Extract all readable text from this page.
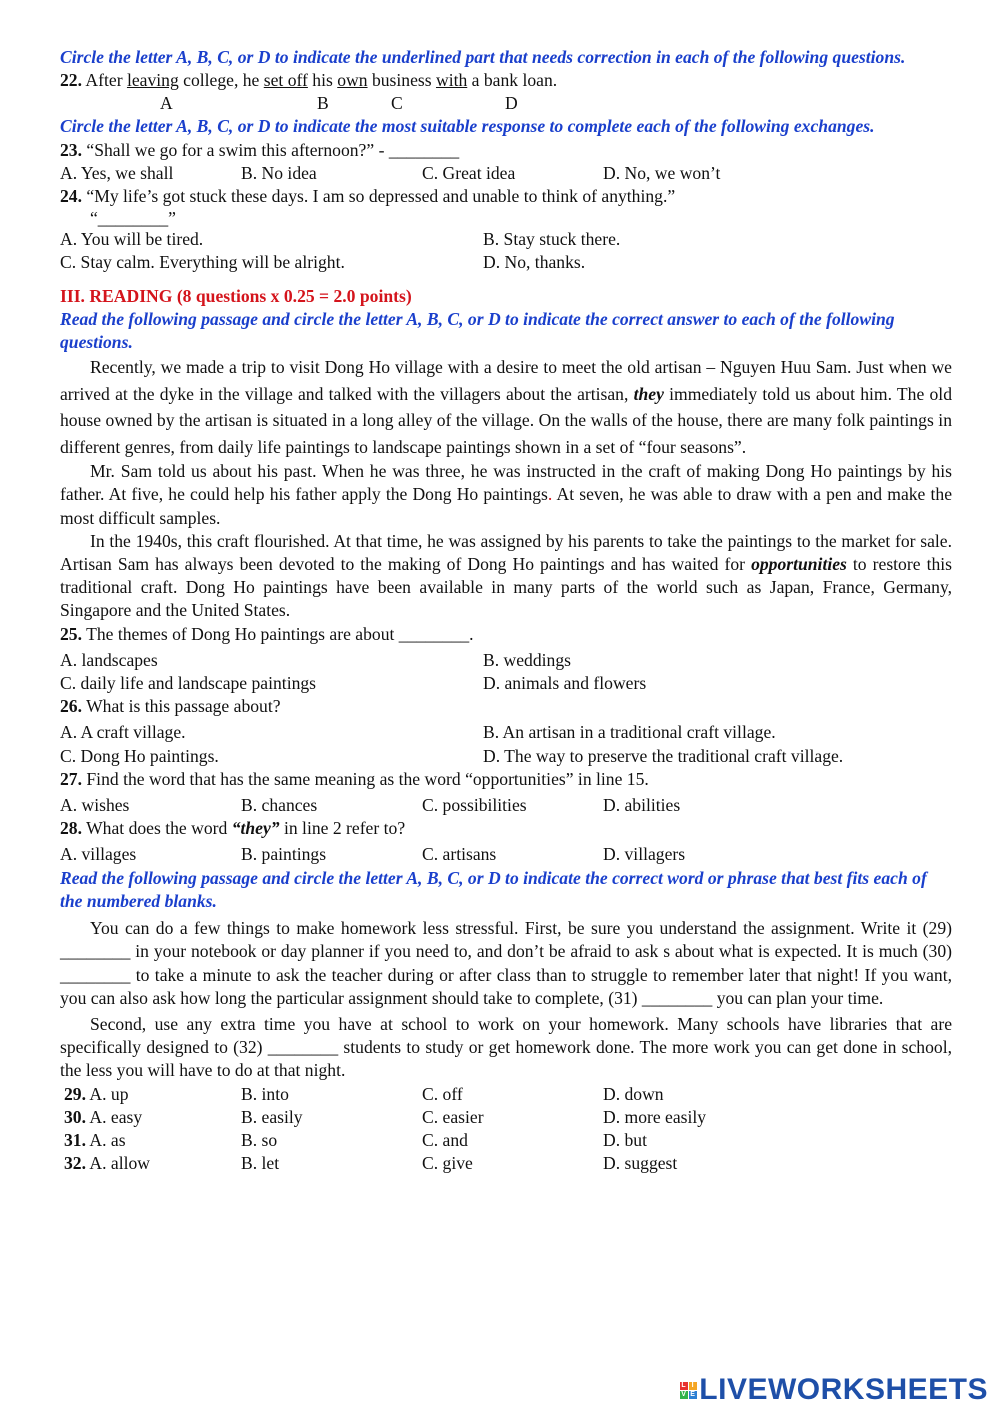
Circle the letter A, B, C, or D to indicate the underlined part that needs correction in each of the following questions.
22. After leaving college, he set off his own business with a bank loan.
A	B	C	D
Circle the letter A, B, C, or D to indicate the most suitable response to complete each of the following exchanges.
23. “Shall we go for a swim this afternoon?” - ________
A. Yes, we shall	B. No idea	C. Great idea	D. No, we won’t
24. “My life’s got stuck these days. I am so depressed and unable to think of anything.”
“________”
A. You will be tired.	B. Stay stuck there.
C. Stay calm. Everything will be alright.	D. No, thanks.
III. READING (8 questions x 0.25 = 2.0 points)
Read the following passage and circle the letter A, B, C, or D to indicate the correct answer to each of the following questions.
Recently, we made a trip to visit Dong Ho village with a desire to meet the old artisan – Nguyen Huu Sam. Just when we arrived at the dyke in the village and talked with the villagers about the artisan, they immediately told us about him. The old house owned by the artisan is situated in a long alley of the village. On the walls of the house, there are many folk paintings in different genres, from daily life paintings to landscape paintings shown in a set of “four seasons”.
Mr. Sam told us about his past. When he was three, he was instructed in the craft of making Dong Ho paintings by his father. At five, he could help his father apply the Dong Ho paintings. At seven, he was able to draw with a pen and make the most difficult samples.
In the 1940s, this craft flourished. At that time, he was assigned by his parents to take the paintings to the market for sale. Artisan Sam has always been devoted to the making of Dong Ho paintings and has waited for opportunities to restore this traditional craft. Dong Ho paintings have been available in many parts of the world such as Japan, France, Germany, Singapore and the United States.
25. The themes of Dong Ho paintings are about ________.
A. landscapes	B. weddings
C. daily life and landscape paintings	D. animals and flowers
26. What is this passage about?
A. A craft village.	B. An artisan in a traditional craft village.
C. Dong Ho paintings.	D. The way to preserve the traditional craft village.
27. Find the word that has the same meaning as the word “opportunities” in line 15.
A. wishes	B. chances	C. possibilities	D. abilities
28. What does the word “they” in line 2 refer to?
A. villages	B. paintings	C. artisans	D. villagers
Read the following passage and circle the letter A, B, C, or D to indicate the correct word or phrase that best fits each of the numbered blanks.
You can do a few things to make homework less stressful. First, be sure you understand the assignment. Write it (29) ________ in your notebook or day planner if you need to, and don’t be afraid to ask s about what is expected. It is much (30) ________ to take a minute to ask the teacher during or after class than to struggle to remember later that night! If you want, you can also ask how long the particular assignment should take to complete, (31) ________ you can plan your time.
Second, use any extra time you have at school to work on your homework. Many schools have libraries that are specifically designed to (32) ________ students to study or get homework done. The more work you can get done in school, the less you will have to do at that night.
29. A. up	B. into	C. off	D. down
30. A. easy	B. easily	C. easier	D. more easily
31. A. as	B. so	C. and	D. but
32. A. allow	B. let	C. give	D. suggest
L I
V E LIVEWORKSHEETS
